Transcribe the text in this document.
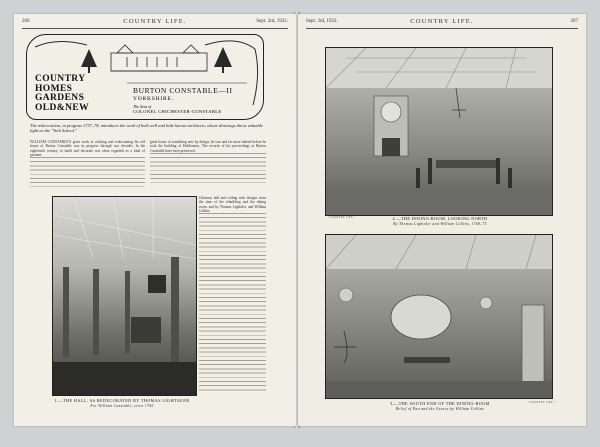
266	COUNTRY LIFE.	Sept. 3rd, 1932.
COUNTRY
HOMES
GARDENS
OLD&NEW
BURTON CONSTABLE—II
YORKSHIRE.
The Seat of
COLONEL CHICHESTER-CONSTABLE
The redecoration, in progress 1757–78, introduces the work of both well and little known architects, whose drawings throw valuable light on the "York School."

WILLIAM CONSTABLE'S great work of refitting and redecorating his old house of Burton Constable was in progress through two decades. In the eighteenth century, to build and decorate was often regarded as a kind of pastime.

great house of something new by design, he was and far more indeed before he took the building of Holderness. The records of his proceedings at Burton Constable have been preserved.

Chimney hall and ceiling with designs from the time of the rebuilding and the dining room, and by Thomas Lightoler, and William Collins.

1.—THE HALL, AS REDECORATED BY THOMAS LIGHTOLER
For William Constable, circa 1760
Sept. 3rd, 1932.	COUNTRY LIFE.	267
2.—THE DINING-ROOM, LOOKING NORTH
By Thomas Lightoler and William Collins, 1768–75
"COUNTRY LIFE."
3.—THE SOUTH END OF THE DINING-ROOM
Relief of Pan and the Graces by William Collins
"COUNTRY LIFE."
